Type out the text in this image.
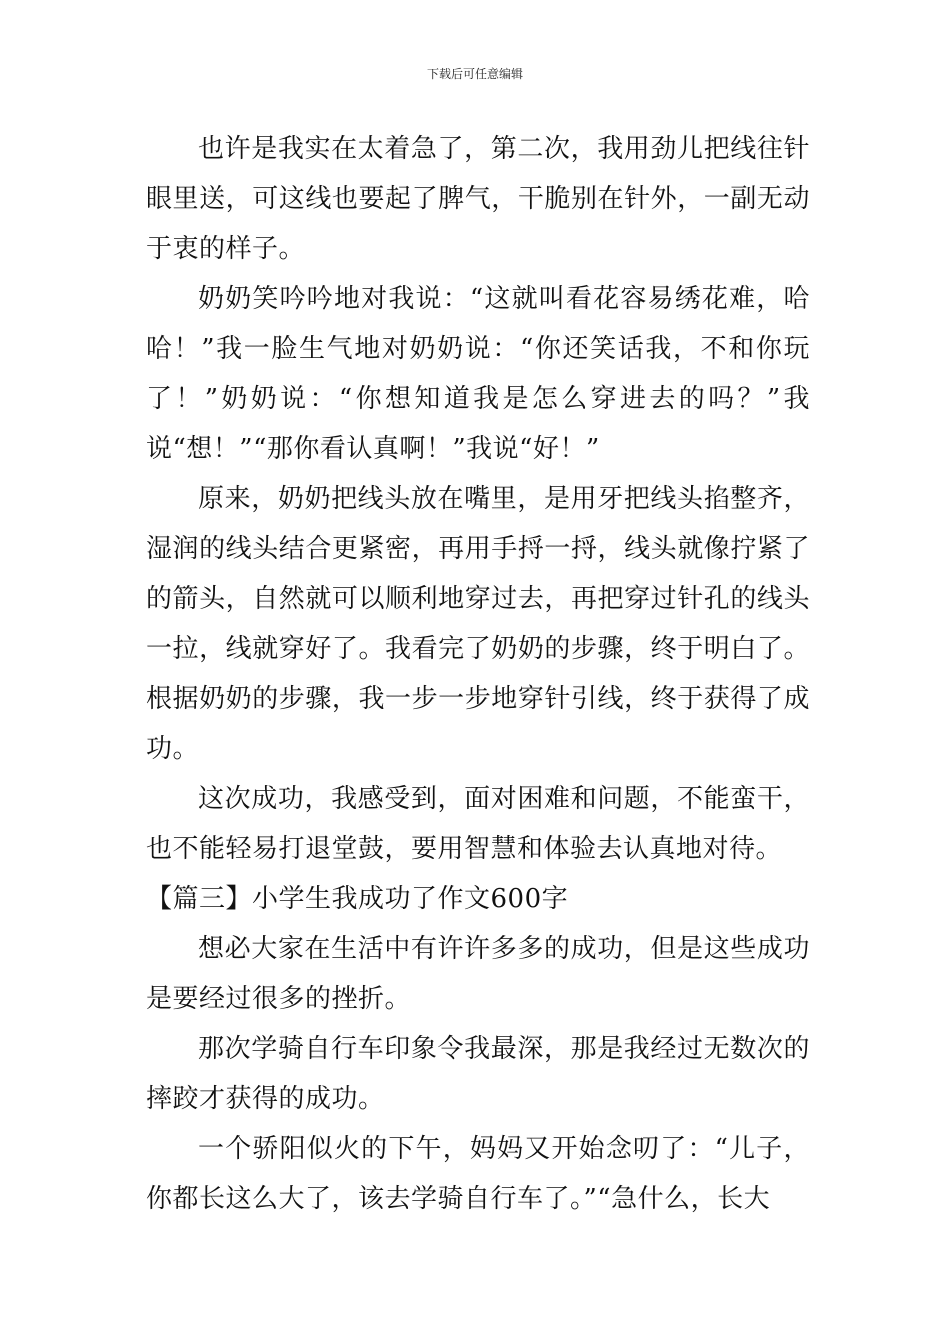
下载后可任意编辑

也许是我实在太着急了，第二次，我用劲儿把线往针眼里送，可这线也要起了脾气，干脆别在针外，一副无动于衷的样子。

奶奶笑吟吟地对我说：“这就叫看花容易绣花难，哈哈！”我一脸生气地对奶奶说：“你还笑话我，不和你玩了！”奶奶说：“你想知道我是怎么穿进去的吗？”我说“想！”“那你看认真啊！”我说“好！”

原来，奶奶把线头放在嘴里，是用牙把线头掐整齐，湿润的线头结合更紧密，再用手捋一捋，线头就像拧紧了的箭头，自然就可以顺利地穿过去，再把穿过针孔的线头一拉，线就穿好了。我看完了奶奶的步骤，终于明白了。根据奶奶的步骤，我一步一步地穿针引线，终于获得了成功。

这次成功，我感受到，面对困难和问题，不能蛮干，也不能轻易打退堂鼓，要用智慧和体验去认真地对待。

【篇三】小学生我成功了作文600字

想必大家在生活中有许许多多的成功，但是这些成功是要经过很多的挫折。

那次学骑自行车印象令我最深，那是我经过无数次的摔跤才获得的成功。

一个骄阳似火的下午，妈妈又开始念叨了：“儿子，你都长这么大了，该去学骑自行车了。”“急什么，长大
